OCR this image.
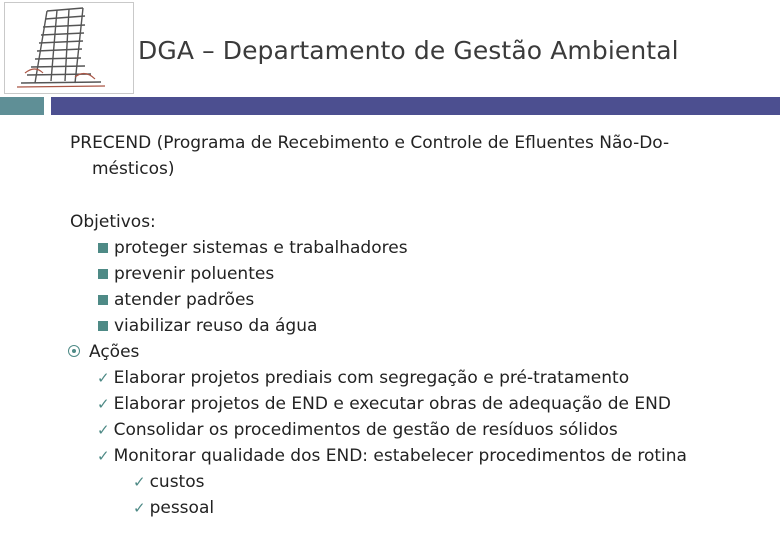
DGA – Departamento de Gestão Ambiental
PRECEND (Programa de Recebimento e Controle de Efluentes Não-Do-
mésticos)
Objetivos:
proteger sistemas e trabalhadores
prevenir poluentes
atender padrões
viabilizar reuso da água
Ações
✓ Elaborar projetos prediais com segregação e pré-tratamento
✓ Elaborar projetos de END e executar obras de adequação de END
✓ Consolidar os procedimentos de gestão de resíduos sólidos
✓ Monitorar qualidade dos END: estabelecer procedimentos de rotina
✓ custos
✓ pessoal
